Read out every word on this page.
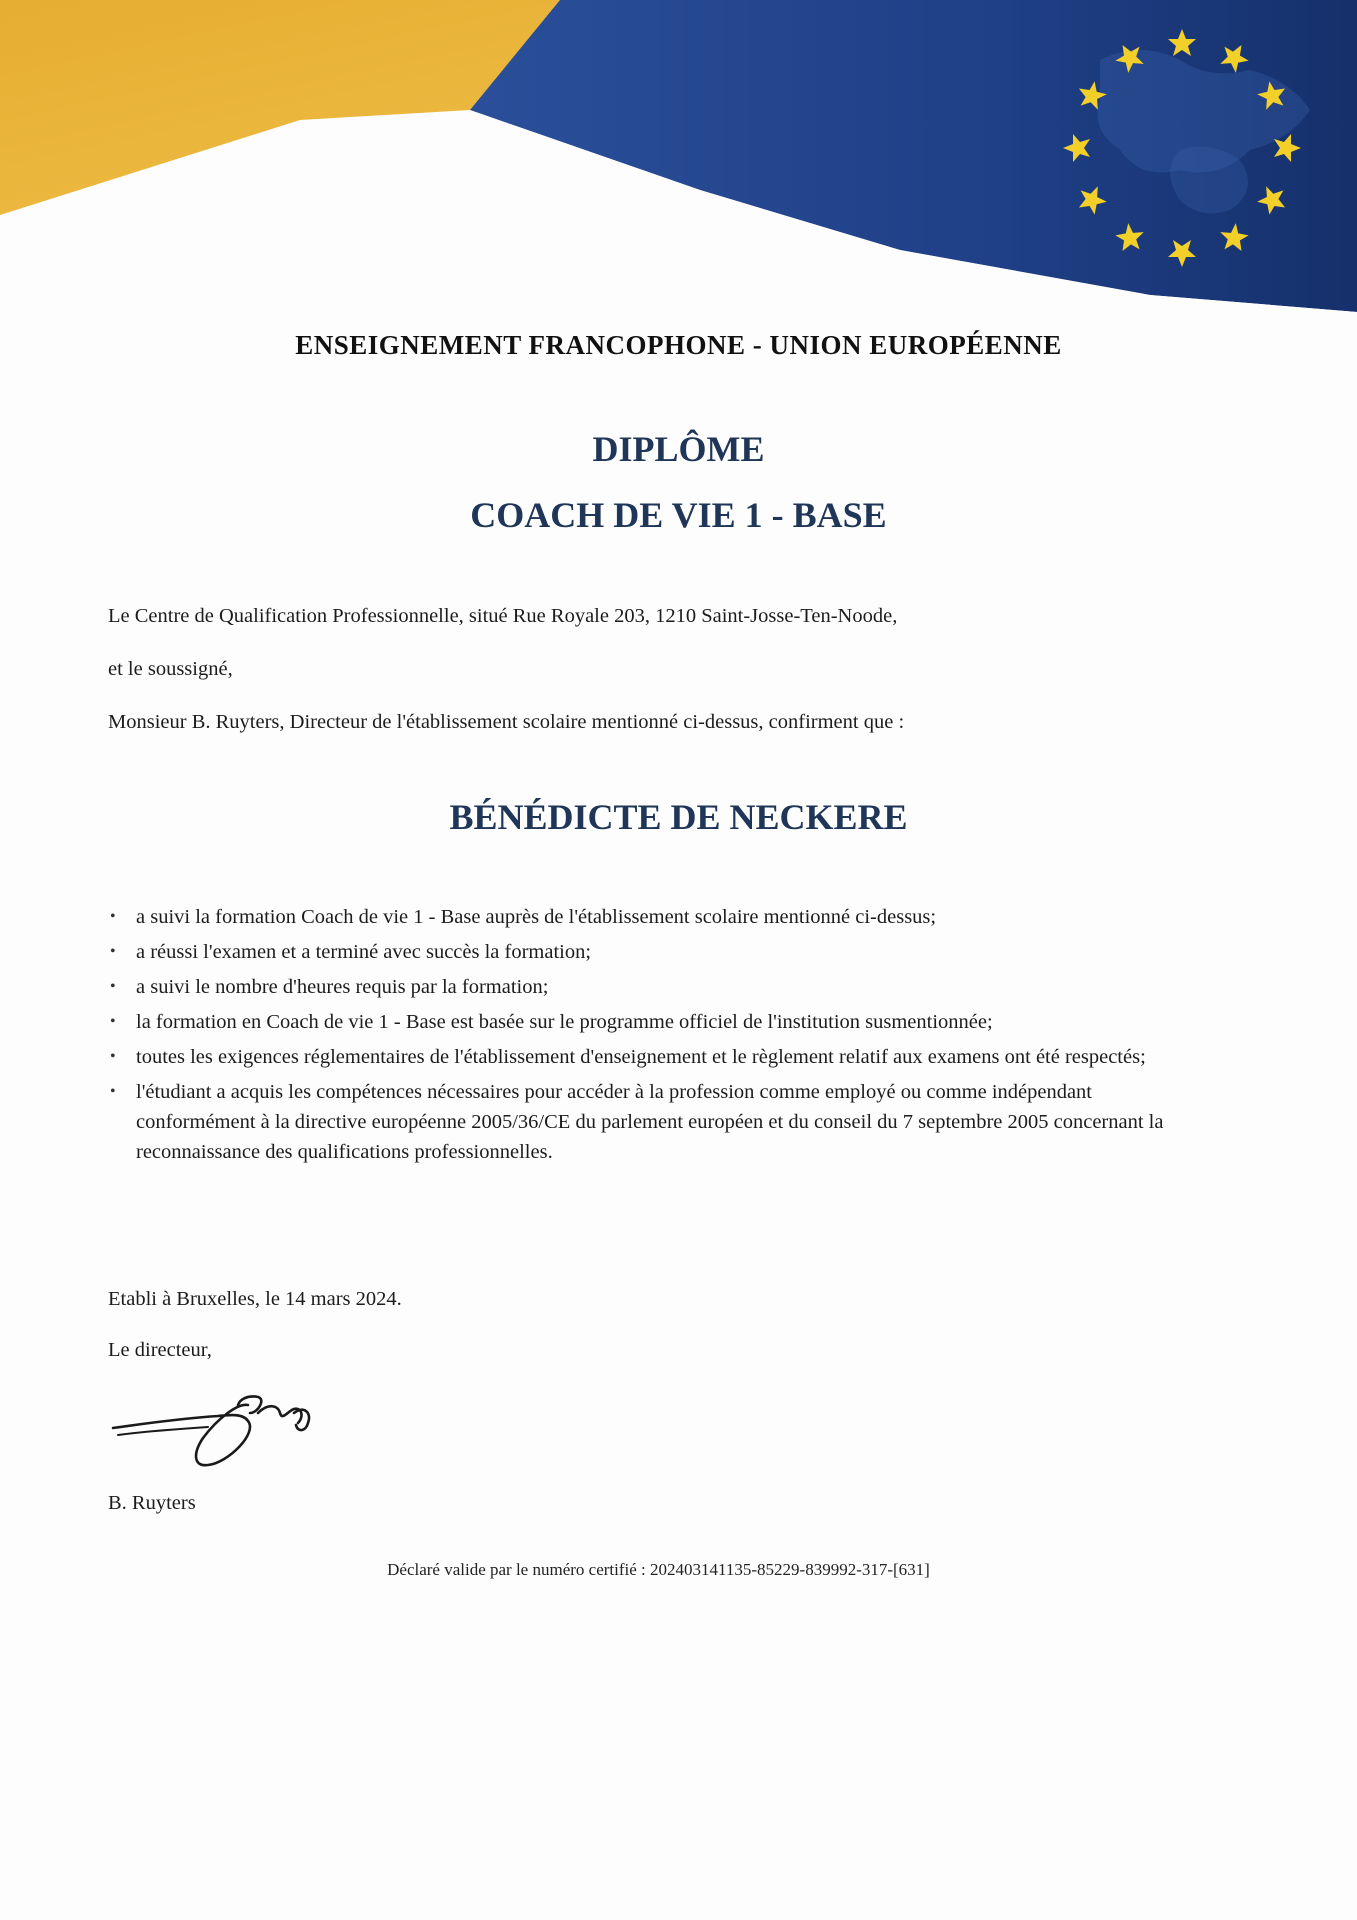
ENSEIGNEMENT FRANCOPHONE - UNION EUROPÉENNE
DIPLÔME
COACH DE VIE 1 - BASE
Le Centre de Qualification Professionnelle, situé Rue Royale 203, 1210 Saint-Josse-Ten-Noode,
et le soussigné,
Monsieur B. Ruyters, Directeur de l'établissement scolaire mentionné ci-dessus, confirment que :
BÉNÉDICTE DE NECKERE
• a suivi la formation Coach de vie 1 - Base auprès de l'établissement scolaire mentionné ci-dessus;
• a réussi l'examen et a terminé avec succès la formation;
• a suivi le nombre d'heures requis par la formation;
• la formation en Coach de vie 1 - Base est basée sur le programme officiel de l'institution susmentionnée;
• toutes les exigences réglementaires de l'établissement d'enseignement et le règlement relatif aux examens ont été respectés;
• l'étudiant a acquis les compétences nécessaires pour accéder à la profession comme employé ou comme indépendant conformément à la directive européenne 2005/36/CE du parlement européen et du conseil du 7 septembre 2005 concernant la reconnaissance des qualifications professionnelles.
Etabli à Bruxelles, le 14 mars 2024.
Le directeur,
B. Ruyters
Déclaré valide par le numéro certifié : 202403141135-85229-839992-317-[631]
